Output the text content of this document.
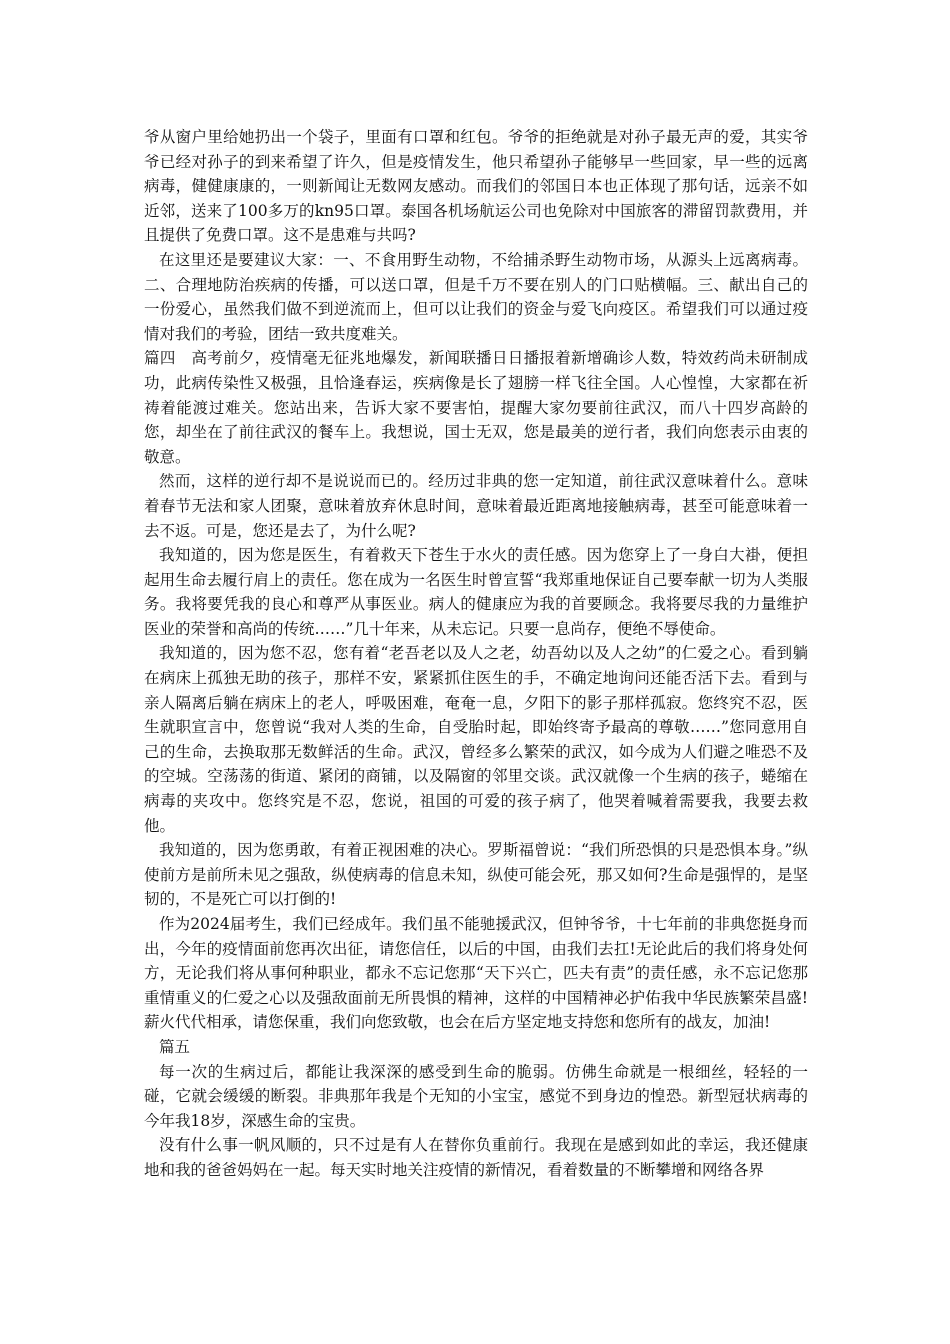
爷从窗户里给她扔出一个袋子，里面有口罩和红包。爷爷的拒绝就是对孙子最无声的爱，其实爷爷已经对孙子的到来希望了许久，但是疫情发生，他只希望孙子能够早一些回家，早一些的远离病毒，健健康康的，一则新闻让无数网友感动。而我们的邻国日本也正体现了那句话，远亲不如近邻，送来了100多万的kn95口罩。泰国各机场航运公司也免除对中国旅客的滞留罚款费用，并且提供了免费口罩。这不是患难与共吗?

在这里还是要建议大家：一、不食用野生动物，不给捕杀野生动物市场，从源头上远离病毒。二、合理地防治疾病的传播，可以送口罩，但是千万不要在别人的门口贴横幅。三、献出自己的一份爱心，虽然我们做不到逆流而上，但可以让我们的资金与爱飞向疫区。希望我们可以通过疫情对我们的考验，团结一致共度难关。

篇四　高考前夕，疫情毫无征兆地爆发，新闻联播日日播报着新增确诊人数，特效药尚未研制成功，此病传染性又极强，且恰逢春运，疾病像是长了翅膀一样飞往全国。人心惶惶，大家都在祈祷着能渡过难关。您站出来，告诉大家不要害怕，提醒大家勿要前往武汉，而八十四岁高龄的您，却坐在了前往武汉的餐车上。我想说，国士无双，您是最美的逆行者，我们向您表示由衷的敬意。

然而，这样的逆行却不是说说而已的。经历过非典的您一定知道，前往武汉意味着什么。意味着春节无法和家人团聚，意味着放弃休息时间，意味着最近距离地接触病毒，甚至可能意味着一去不返。可是，您还是去了，为什么呢?

我知道的，因为您是医生，有着救天下苍生于水火的责任感。因为您穿上了一身白大褂，便担起用生命去履行肩上的责任。您在成为一名医生时曾宣誓“我郑重地保证自己要奉献一切为人类服务。我将要凭我的良心和尊严从事医业。病人的健康应为我的首要顾念。我将要尽我的力量维护医业的荣誉和高尚的传统……”几十年来，从未忘记。只要一息尚存，便绝不辱使命。

我知道的，因为您不忍，您有着“老吾老以及人之老，幼吾幼以及人之幼”的仁爱之心。看到躺在病床上孤独无助的孩子，那样不安，紧紧抓住医生的手，不确定地询问还能否活下去。看到与亲人隔离后躺在病床上的老人，呼吸困难，奄奄一息，夕阳下的影子那样孤寂。您终究不忍，医生就职宣言中，您曾说“我对人类的生命，自受胎时起，即始终寄予最高的尊敬……”您同意用自己的生命，去换取那无数鲜活的生命。武汉，曾经多么繁荣的武汉，如今成为人们避之唯恐不及的空城。空荡荡的街道、紧闭的商铺，以及隔窗的邻里交谈。武汉就像一个生病的孩子，蜷缩在病毒的夹攻中。您终究是不忍，您说，祖国的可爱的孩子病了，他哭着喊着需要我，我要去救他。

我知道的，因为您勇敢，有着正视困难的决心。罗斯福曾说：“我们所恐惧的只是恐惧本身。”纵使前方是前所未见之强敌，纵使病毒的信息未知，纵使可能会死，那又如何?生命是强悍的，是坚韧的，不是死亡可以打倒的!

作为2024届考生，我们已经成年。我们虽不能驰援武汉，但钟爷爷，十七年前的非典您挺身而出，今年的疫情面前您再次出征，请您信任，以后的中国，由我们去扛!无论此后的我们将身处何方，无论我们将从事何种职业，都永不忘记您那“天下兴亡，匹夫有责”的责任感，永不忘记您那重情重义的仁爱之心以及强敌面前无所畏惧的精神，这样的中国精神必护佑我中华民族繁荣昌盛!薪火代代相承，请您保重，我们向您致敬，也会在后方坚定地支持您和您所有的战友，加油!

篇五

每一次的生病过后，都能让我深深的感受到生命的脆弱。仿佛生命就是一根细丝，轻轻的一碰，它就会缓缓的断裂。非典那年我是个无知的小宝宝，感觉不到身边的惶恐。新型冠状病毒的今年我18岁，深感生命的宝贵。

没有什么事一帆风顺的，只不过是有人在替你负重前行。我现在是感到如此的幸运，我还健康地和我的爸爸妈妈在一起。每天实时地关注疫情的新情况，看着数量的不断攀增和网络各界
